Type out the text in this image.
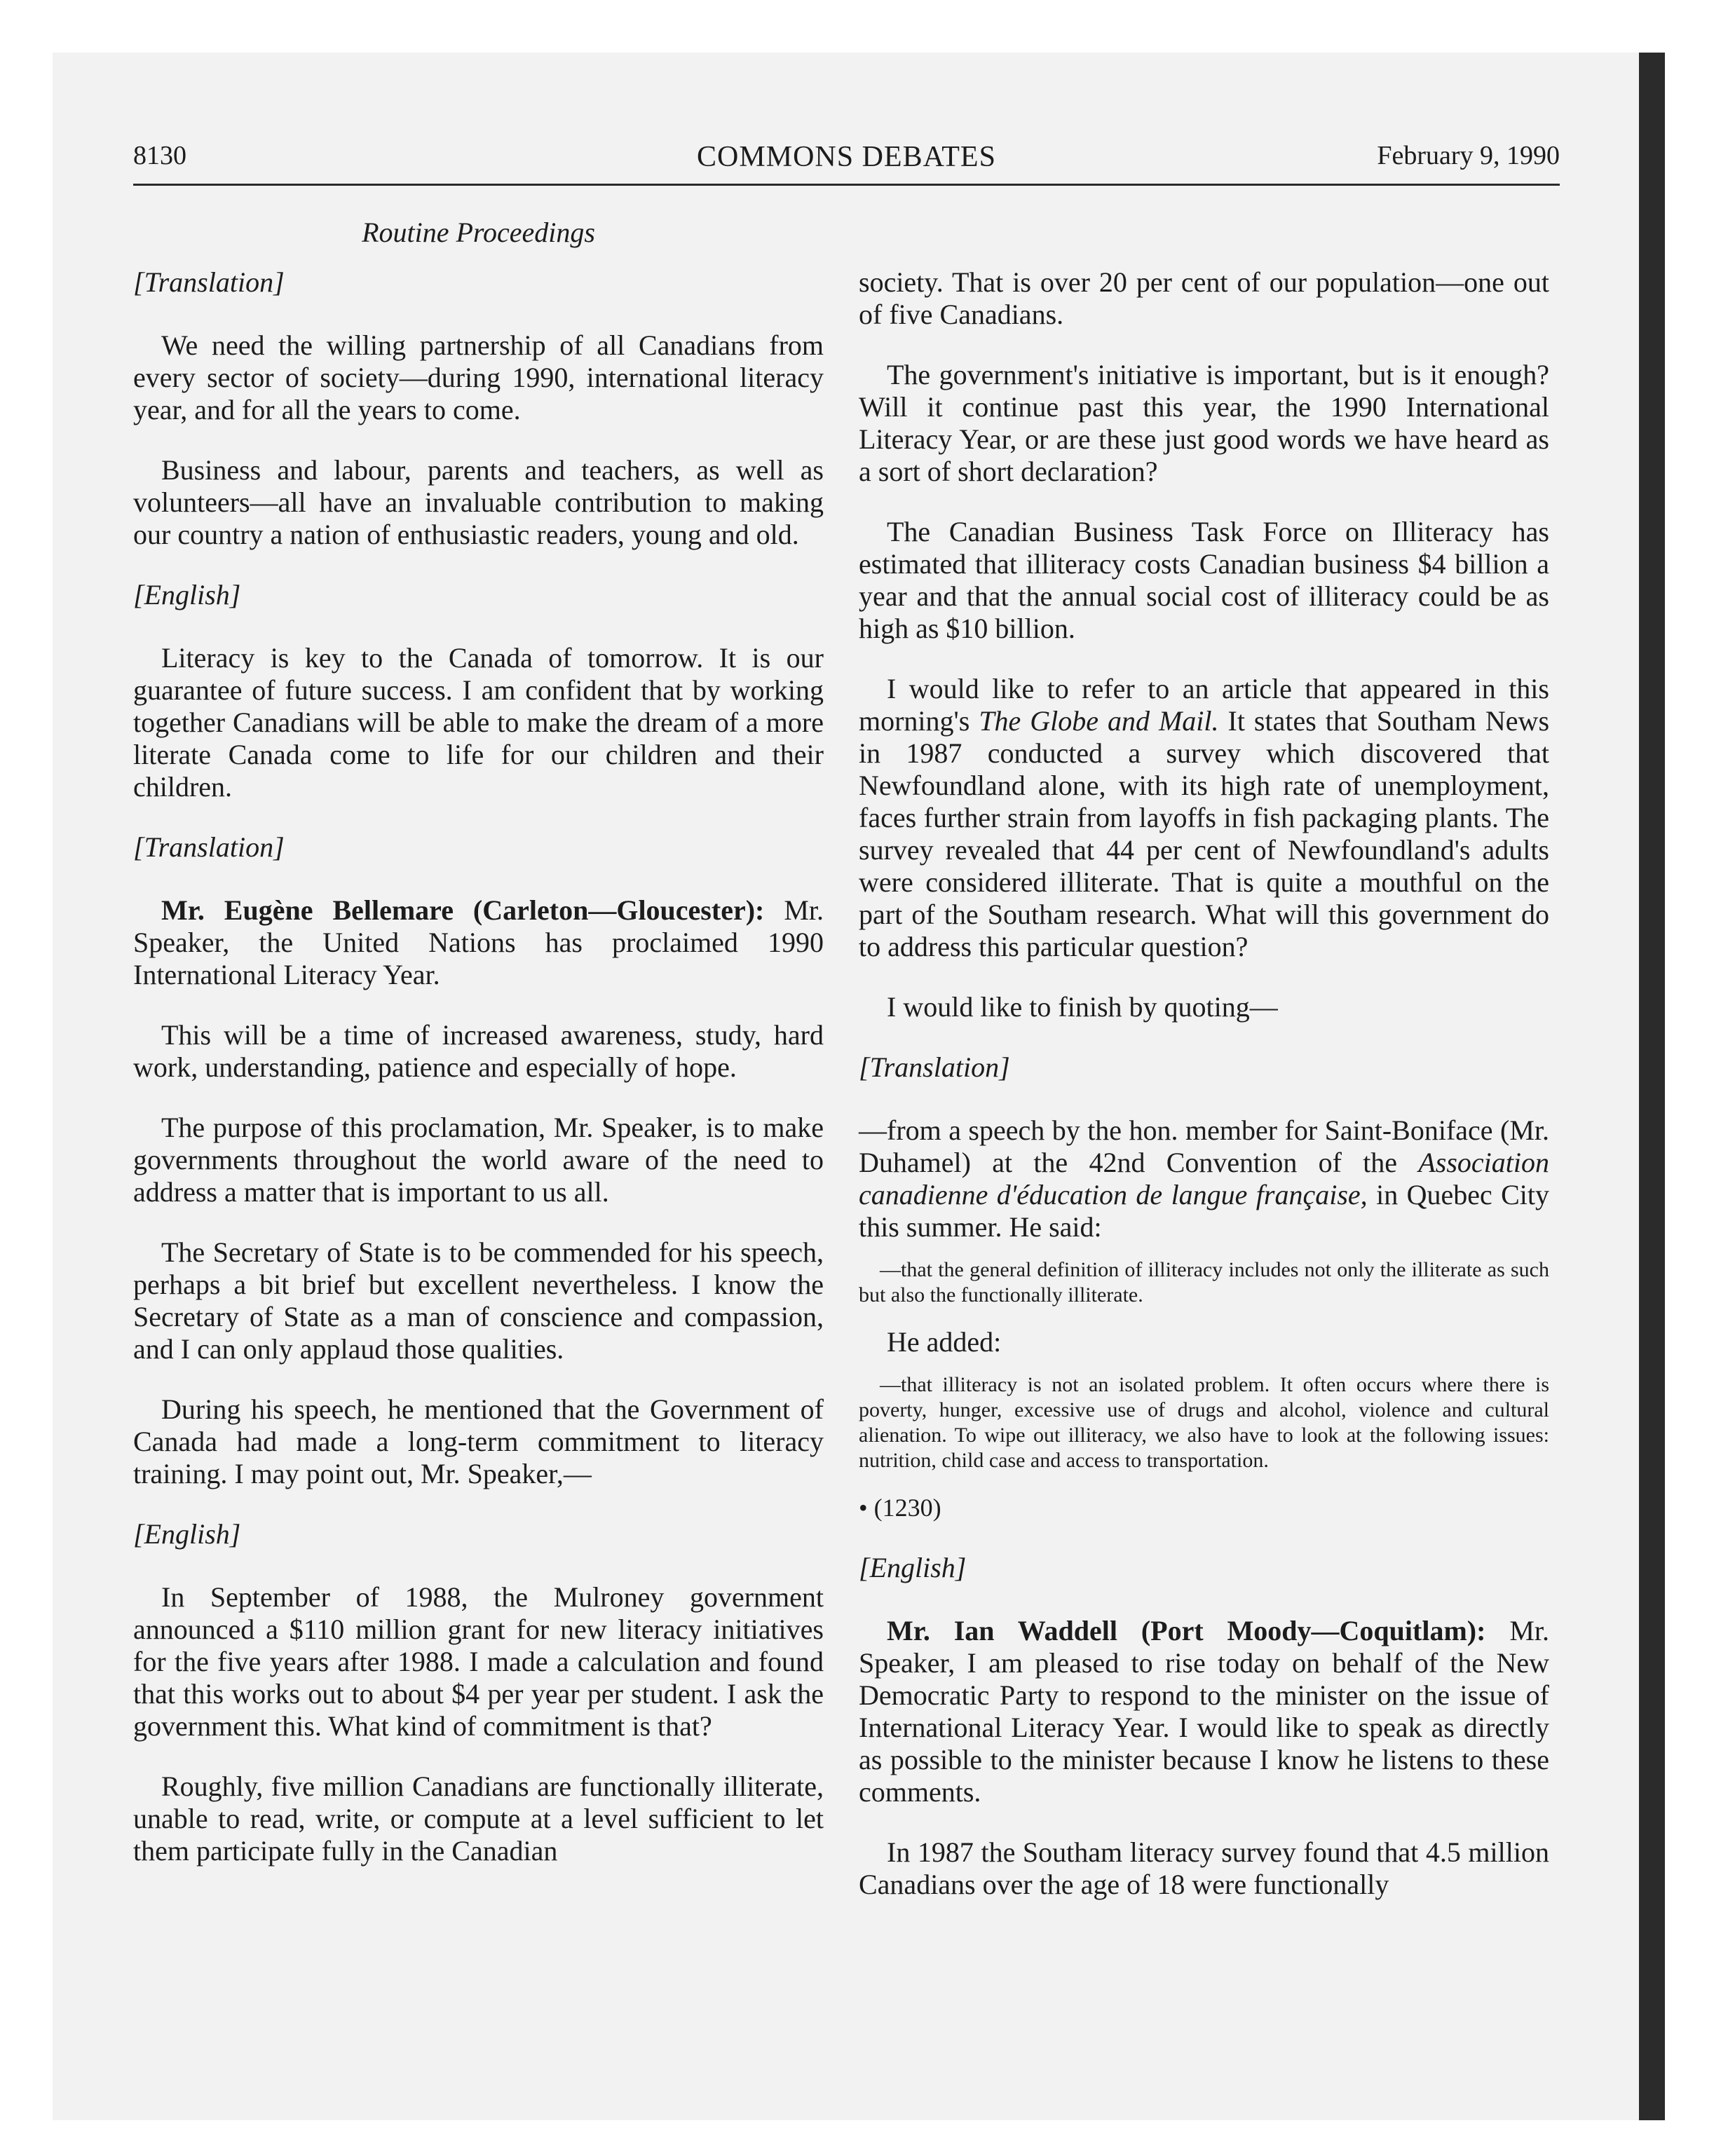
8130	COMMONS DEBATES	February 9, 1990
Routine Proceedings

[Translation]

We need the willing partnership of all Canadians from every sector of society—during 1990, international literacy year, and for all the years to come.

Business and labour, parents and teachers, as well as volunteers—all have an invaluable contribution to making our country a nation of enthusiastic readers, young and old.

[English]

Literacy is key to the Canada of tomorrow. It is our guarantee of future success. I am confident that by working together Canadians will be able to make the dream of a more literate Canada come to life for our children and their children.

[Translation]

Mr. Eugène Bellemare (Carleton—Gloucester): Mr. Speaker, the United Nations has proclaimed 1990 International Literacy Year.

This will be a time of increased awareness, study, hard work, understanding, patience and especially of hope.

The purpose of this proclamation, Mr. Speaker, is to make governments throughout the world aware of the need to address a matter that is important to us all.

The Secretary of State is to be commended for his speech, perhaps a bit brief but excellent nevertheless. I know the Secretary of State as a man of conscience and compassion, and I can only applaud those qualities.

During his speech, he mentioned that the Government of Canada had made a long-term commitment to literacy training. I may point out, Mr. Speaker,—

[English]

In September of 1988, the Mulroney government announced a $110 million grant for new literacy initiatives for the five years after 1988. I made a calculation and found that this works out to about $4 per year per student. I ask the government this. What kind of commitment is that?

Roughly, five million Canadians are functionally illiterate, unable to read, write, or compute at a level sufficient to let them participate fully in the Canadian

society. That is over 20 per cent of our population—one out of five Canadians.

The government's initiative is important, but is it enough? Will it continue past this year, the 1990 International Literacy Year, or are these just good words we have heard as a sort of short declaration?

The Canadian Business Task Force on Illiteracy has estimated that illiteracy costs Canadian business $4 billion a year and that the annual social cost of illiteracy could be as high as $10 billion.

I would like to refer to an article that appeared in this morning's The Globe and Mail. It states that Southam News in 1987 conducted a survey which discovered that Newfoundland alone, with its high rate of unemployment, faces further strain from layoffs in fish packaging plants. The survey revealed that 44 per cent of Newfoundland's adults were considered illiterate. That is quite a mouthful on the part of the Southam research. What will this government do to address this particular question?

I would like to finish by quoting—

[Translation]

—from a speech by the hon. member for Saint-Boniface (Mr. Duhamel) at the 42nd Convention of the Association canadienne d'éducation de langue française, in Quebec City this summer. He said:

—that the general definition of illiteracy includes not only the illiterate as such but also the functionally illiterate.

He added:

—that illiteracy is not an isolated problem. It often occurs where there is poverty, hunger, excessive use of drugs and alcohol, violence and cultural alienation. To wipe out illiteracy, we also have to look at the following issues: nutrition, child case and access to transportation.

• (1230)

[English]

Mr. Ian Waddell (Port Moody—Coquitlam): Mr. Speaker, I am pleased to rise today on behalf of the New Democratic Party to respond to the minister on the issue of International Literacy Year. I would like to speak as directly as possible to the minister because I know he listens to these comments.

In 1987 the Southam literacy survey found that 4.5 million Canadians over the age of 18 were functionally
